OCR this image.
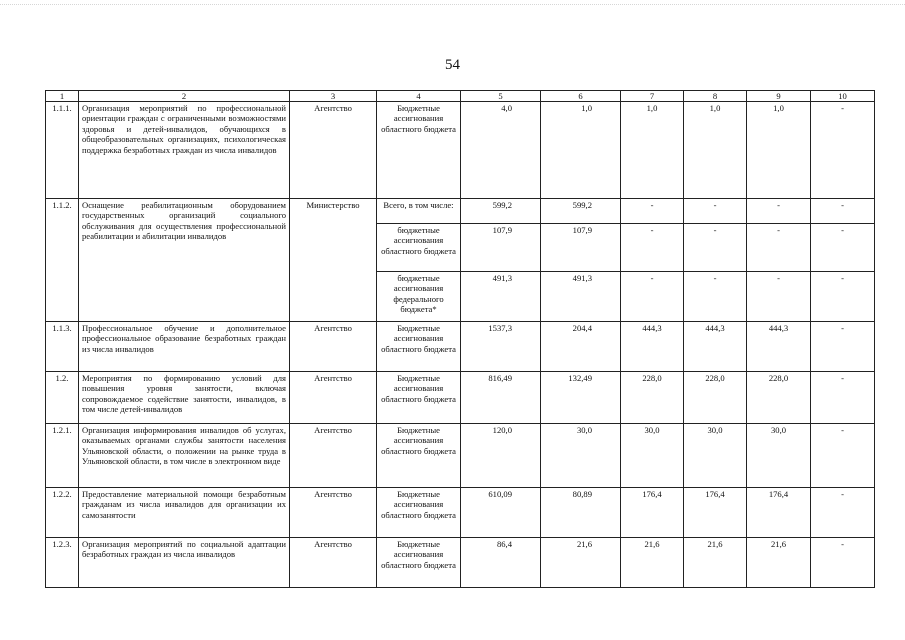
54
1	2	3	4	5	6	7	8	9	10
1.1.1.	Организация мероприятий по профессиональной ориентации граждан с ограниченными возможностями здоровья и детей-инвалидов, обучающихся в общеобразовательных организациях, психологическая поддержка безработных граждан из числа инвалидов	Агентство	Бюджетные ассигнования областного бюджета	4,0	1,0	1,0	1,0	1,0	-
1.1.2.	Оснащение реабилитационным оборудованием государственных организаций социального обслуживания для осуществления профессиональной реабилитации и абилитации инвалидов	Министерство	Всего, в том числе:	599,2	599,2	-	-	-	-
			бюджетные ассигнования областного бюджета	107,9	107,9	-	-	-	-
			бюджетные ассигнования федерального бюджета*	491,3	491,3	-	-	-	-
1.1.3.	Профессиональное обучение и дополнительное профессиональное образование безработных граждан из числа инвалидов	Агентство	Бюджетные ассигнования областного бюджета	1537,3	204,4	444,3	444,3	444,3	-
1.2.	Мероприятия по формированию условий для повышения уровня занятости, включая сопровождаемое содействие занятости, инвалидов, в том числе детей-инвалидов	Агентство	Бюджетные ассигнования областного бюджета	816,49	132,49	228,0	228,0	228,0	-
1.2.1.	Организация информирования инвалидов об услугах, оказываемых органами службы занятости населения Ульяновской области, о положении на рынке труда в Ульяновской области, в том числе в электронном виде	Агентство	Бюджетные ассигнования областного бюджета	120,0	30,0	30,0	30,0	30,0	-
1.2.2.	Предоставление материальной помощи безработным гражданам из числа инвалидов для организации их самозанятости	Агентство	Бюджетные ассигнования областного бюджета	610,09	80,89	176,4	176,4	176,4	-
1.2.3.	Организация мероприятий по социальной адаптации безработных граждан из числа инвалидов	Агентство	Бюджетные ассигнования областного бюджета	86,4	21,6	21,6	21,6	21,6	-
